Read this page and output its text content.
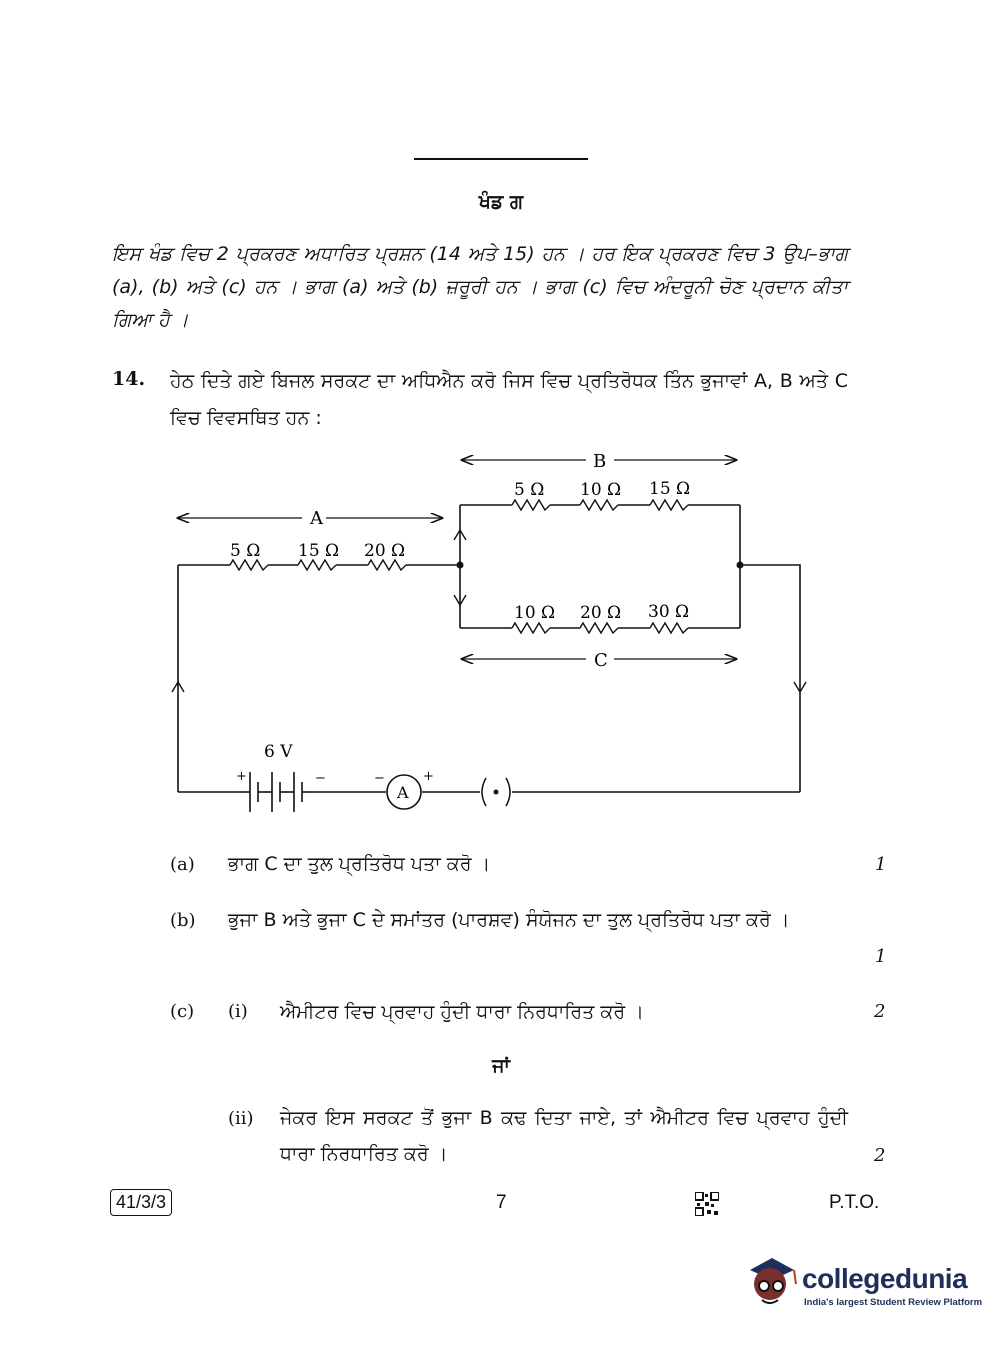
ਖੰਡ ਗ
ਇਸ ਖੰਡ ਵਿਚ 2 ਪ੍ਰਕਰਣ ਅਧਾਰਿਤ ਪ੍ਰਸ਼ਨ (14 ਅਤੇ 15) ਹਨ । ਹਰ ਇਕ ਪ੍ਰਕਰਣ ਵਿਚ 3 ਉਪ–ਭਾਗ (a), (b) ਅਤੇ (c) ਹਨ । ਭਾਗ (a) ਅਤੇ (b) ਜ਼ਰੂਰੀ ਹਨ । ਭਾਗ (c) ਵਿਚ ਅੰਦਰੂਨੀ ਚੋਣ ਪ੍ਰਦਾਨ ਕੀਤਾ ਗਿਆ ਹੈ ।
14. ਹੇਠ ਦਿਤੇ ਗਏ ਬਿਜਲ ਸਰਕਟ ਦਾ ਅਧਿਐਨ ਕਰੋ ਜਿਸ ਵਿਚ ਪ੍ਰਤਿਰੋਧਕ ਤਿੰਨ ਭੁਜਾਵਾਂ A, B ਅਤੇ C ਵਿਚ ਵਿਵਸਥਿਤ ਹਨ :
A
B
C
5 Ω 15 Ω 20 Ω
5 Ω 10 Ω 15 Ω
10 Ω 20 Ω 30 Ω
6 V
A
+	−	−	+
(a) ਭਾਗ C ਦਾ ਤੁਲ ਪ੍ਰਤਿਰੋਧ ਪਤਾ ਕਰੋ ।	1
(b) ਭੁਜਾ B ਅਤੇ ਭੁਜਾ C ਦੇ ਸਮਾਂਤਰ (ਪਾਰਸ਼ਵ) ਸੰਯੋਜਨ ਦਾ ਤੁਲ ਪ੍ਰਤਿਰੋਧ ਪਤਾ ਕਰੋ ।
1
(c) (i) ਐਮੀਟਰ ਵਿਚ ਪ੍ਰਵਾਹ ਹੁੰਦੀ ਧਾਰਾ ਨਿਰਧਾਰਿਤ ਕਰੋ ।	2
ਜਾਂ
(ii) ਜੇਕਰ ਇਸ ਸਰਕਟ ਤੋਂ ਭੁਜਾ B ਕਢ ਦਿਤਾ ਜਾਏ, ਤਾਂ ਐਮੀਟਰ ਵਿਚ ਪ੍ਰਵਾਹ ਹੁੰਦੀ ਧਾਰਾ ਨਿਰਧਾਰਿਤ ਕਰੋ ।	2
41/3/3	7	P.T.O.
collegedunia
India's largest Student Review Platform
